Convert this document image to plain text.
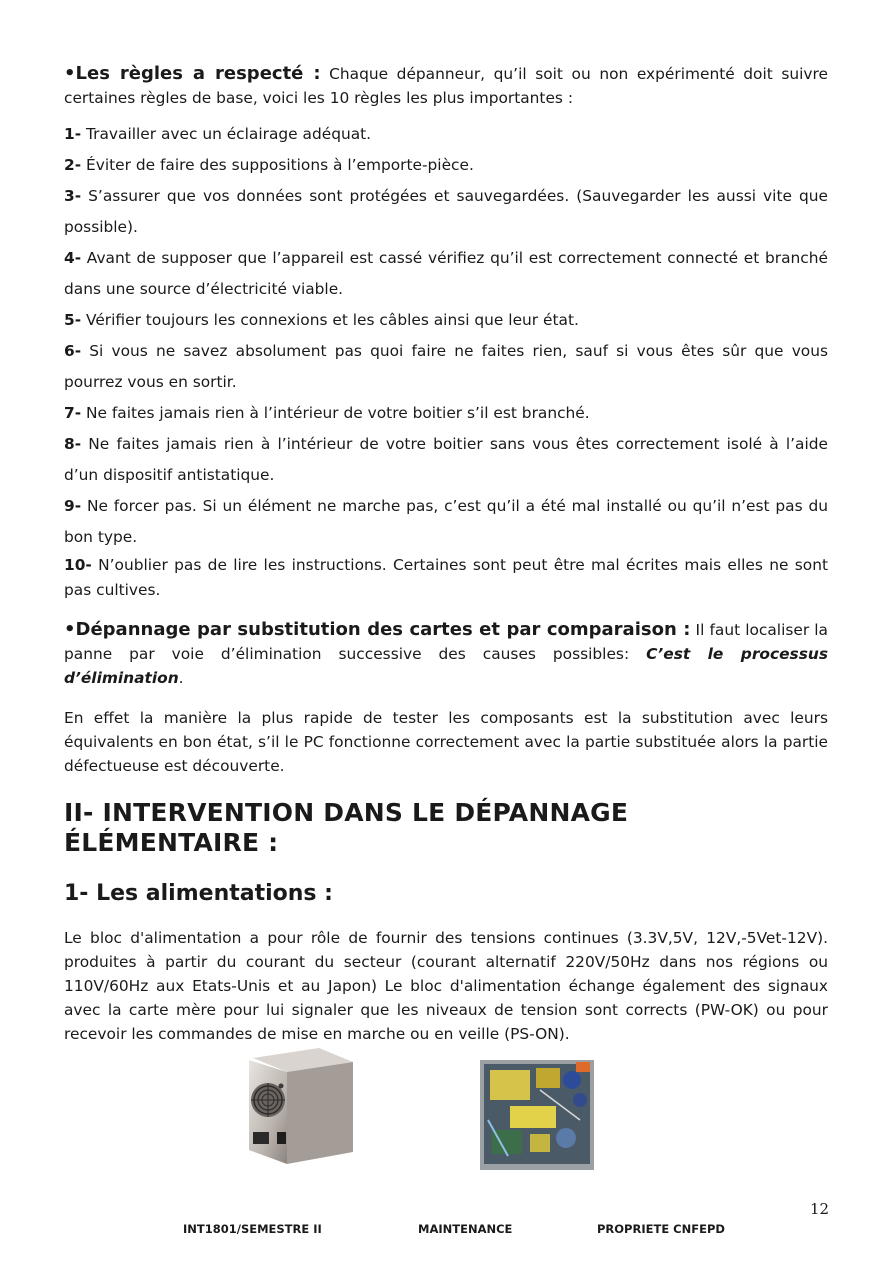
•Les règles a respecté : Chaque dépanneur, qu’il soit ou non expérimenté doit suivre certaines règles de base, voici les 10 règles les plus importantes :

1- Travailler avec un éclairage adéquat.

2- Éviter de faire des suppositions à l’emporte-pièce.

3- S’assurer que vos données sont protégées et sauvegardées. (Sauvegarder les aussi vite que possible).

4- Avant de supposer que l’appareil est cassé vérifiez qu’il est correctement connecté et branché dans une source d’électricité viable.

5- Vérifier toujours les connexions et les câbles ainsi que leur état.

6- Si vous ne savez absolument pas quoi faire ne faites rien, sauf si vous êtes sûr que vous pourrez vous en sortir.

7- Ne faites jamais rien à l’intérieur de votre boitier s’il est branché.

8- Ne faites jamais rien à l’intérieur de votre boitier sans vous êtes correctement isolé à l’aide d’un dispositif antistatique.

9- Ne forcer pas. Si un élément ne marche pas, c’est qu’il a été mal installé ou qu’il n’est pas du bon type.

10- N’oublier pas de lire les instructions. Certaines sont peut être mal écrites mais elles ne sont pas cultives.

•Dépannage par substitution des cartes et par comparaison : Il faut localiser la panne par voie d’élimination successive des causes possibles: C’est le processus d’élimination.

En effet la manière la plus rapide de tester les composants est la substitution avec leurs équivalents en bon état, s’il le PC fonctionne correctement avec la partie substituée alors la partie défectueuse est découverte.

II- INTERVENTION DANS LE DÉPANNAGE ÉLÉMENTAIRE :
1- Les alimentations :

Le bloc d'alimentation a pour rôle de fournir des tensions continues (3.3V,5V, 12V,-5Vet-12V). produites à partir du courant du secteur (courant alternatif 220V/50Hz dans nos régions ou 110V/60Hz aux Etats-Unis et au Japon) Le bloc d'alimentation échange également des signaux avec la carte mère pour lui signaler que les niveaux de tension sont corrects (PW-OK) ou pour recevoir les commandes de mise en marche ou en veille (PS-ON).

12
INT1801/SEMESTRE II	MAINTENANCE	PROPRIETE CNFEPD
